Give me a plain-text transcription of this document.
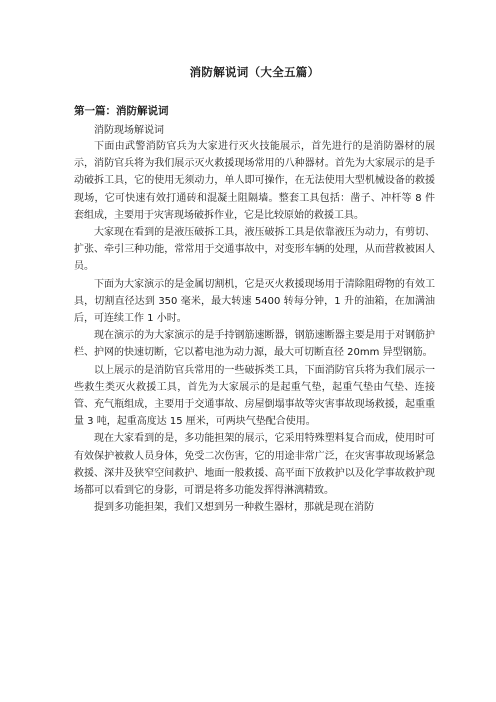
消防解说词（大全五篇）
第一篇：消防解说词

消防现场解说词

下面由武警消防官兵为大家进行灭火技能展示，首先进行的是消防器材的展示，消防官兵将为我们展示灭火救援现场常用的八种器材。首先为大家展示的是手动破拆工具，它的使用无须动力，单人即可操作，在无法使用大型机械设备的救援现场，它可快速有效打通砖和混凝土阻隔墙。整套工具包括：凿子、冲杆等 8 件套组成，主要用于灾害现场破拆作业，它是比较原始的救援工具。

大家现在看到的是液压破拆工具，液压破拆工具是依靠液压为动力，有剪切、扩张、牵引三种功能，常常用于交通事故中，对变形车辆的处理，从而营救被困人员。

下面为大家演示的是金属切割机，它是灭火救援现场用于清除阻碍物的有效工具，切割直径达到 350 毫米，最大转速 5400 转每分钟，1 升的油箱，在加满油后，可连续工作 1 小时。

现在演示的为大家演示的是手持钢筋速断器，钢筋速断器主要是用于对钢筋护栏、护网的快速切断，它以蓄电池为动力源，最大可切断直径 20mm 异型钢筋。

以上展示的是消防官兵常用的一些破拆类工具，下面消防官兵将为我们展示一些救生类灭火救援工具，首先为大家展示的是起重气垫，起重气垫由气垫、连接管、充气瓶组成，主要用于交通事故、房屋倒塌事故等灾害事故现场救援，起重重量 3 吨，起重高度达 15 厘米，可两块气垫配合使用。

现在大家看到的是，多功能担架的展示，它采用特殊塑料复合而成，使用时可有效保护被救人员身体，免受二次伤害，它的用途非常广泛，在灾害事故现场紧急救援、深井及狭窄空间救护、地面一般救援、高平面下放救护以及化学事故救护现场都可以看到它的身影，可谓是将多功能发挥得淋漓精致。

提到多功能担架，我们又想到另一种救生器材，那就是现在消防
